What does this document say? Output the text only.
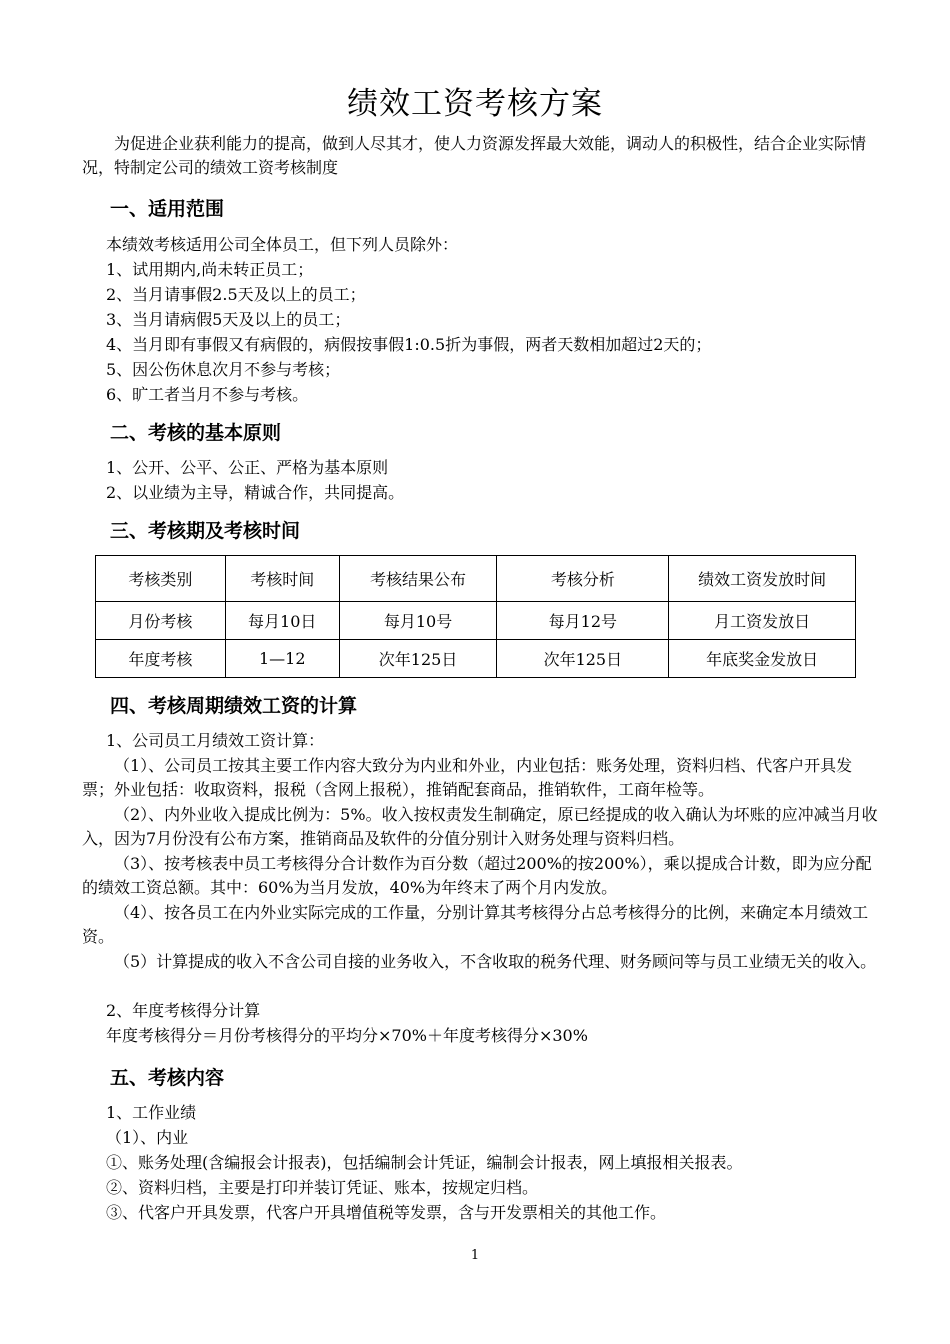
绩效工资考核方案
为促进企业获利能力的提高，做到人尽其才，使人力资源发挥最大效能，调动人的积极性，结合企业实际情况，特制定公司的绩效工资考核制度
一、适用范围
本绩效考核适用公司全体员工，但下列人员除外：
1、试用期内,尚未转正员工；
2、当月请事假2.5天及以上的员工；
3、当月请病假5天及以上的员工；
4、当月即有事假又有病假的，病假按事假1:0.5折为事假，两者天数相加超过2天的；
5、因公伤休息次月不参与考核；
6、旷工者当月不参与考核。
二、考核的基本原则
1、公开、公平、公正、严格为基本原则
2、以业绩为主导，精诚合作，共同提高。
三、考核期及考核时间
考核类别	考核时间	考核结果公布	考核分析	绩效工资发放时间
月份考核	每月10日	每月10号	每月12号	月工资发放日
年度考核	1—12	次年125日	次年125日	年底奖金发放日
四、考核周期绩效工资的计算
1、公司员工月绩效工资计算：
（1）、公司员工按其主要工作内容大致分为内业和外业，内业包括：账务处理，资料归档、代客户开具发票；外业包括：收取资料，报税（含网上报税），推销配套商品，推销软件，工商年检等。
（2）、内外业收入提成比例为：5%。收入按权责发生制确定，原已经提成的收入确认为坏账的应冲减当月收入，因为7月份没有公布方案，推销商品及软件的分值分别计入财务处理与资料归档。
（3）、按考核表中员工考核得分合计数作为百分数（超过200%的按200%），乘以提成合计数，即为应分配的绩效工资总额。其中：60%为当月发放，40%为年终末了两个月内发放。
（4）、按各员工在内外业实际完成的工作量，分别计算其考核得分占总考核得分的比例，来确定本月绩效工资。
（5）计算提成的收入不含公司自接的业务收入，不含收取的税务代理、财务顾问等与员工业绩无关的收入。
2、年度考核得分计算
年度考核得分＝月份考核得分的平均分×70%＋年度考核得分×30%
五、考核内容
1、工作业绩
（1）、内业
①、账务处理(含编报会计报表)，包括编制会计凭证，编制会计报表，网上填报相关报表。
②、资料归档，主要是打印并装订凭证、账本，按规定归档。
③、代客户开具发票，代客户开具增值税等发票，含与开发票相关的其他工作。
1
